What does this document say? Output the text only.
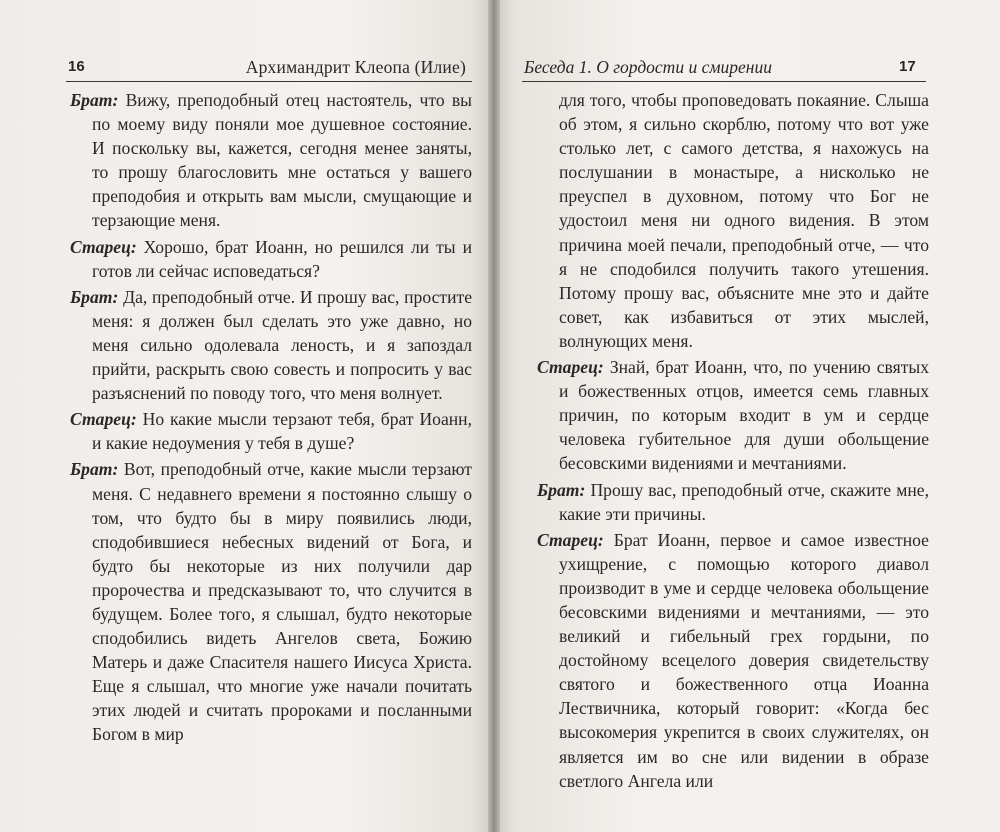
16	Архимандрит Клеопа (Илие)

Брат: Вижу, преподобный отец настоятель, что вы по моему виду поняли мое душевное состояние. И поскольку вы, кажется, сегодня менее заняты, то прошу благословить мне остаться у вашего преподобия и открыть вам мысли, смущающие и терзающие меня.

Старец: Хорошо, брат Иоанн, но решился ли ты и готов ли сейчас исповедаться?

Брат: Да, преподобный отче. И прошу вас, простите меня: я должен был сделать это уже давно, но меня сильно одолевала леность, и я запоздал прийти, раскрыть свою совесть и попросить у вас разъяснений по поводу того, что меня волнует.

Старец: Но какие мысли терзают тебя, брат Иоанн, и какие недоумения у тебя в душе?

Брат: Вот, преподобный отче, какие мысли терзают меня. С недавнего времени я постоянно слышу о том, что будто бы в миру появились люди, сподобившиеся небесных видений от Бога, и будто бы некоторые из них получили дар пророчества и предсказывают то, что случится в будущем. Более того, я слышал, будто некоторые сподобились видеть Ангелов света, Божию Матерь и даже Спасителя нашего Иисуса Христа. Еще я слышал, что многие уже начали почитать этих людей и считать пророками и посланными Богом в мир

Беседа 1. О гордости и смирении	17

для того, чтобы проповедовать покаяние. Слыша об этом, я сильно скорблю, потому что вот уже столько лет, с самого детства, я нахожусь на послушании в монастыре, а нисколько не преуспел в духовном, потому что Бог не удостоил меня ни одного видения. В этом причина моей печали, преподобный отче, — что я не сподобился получить такого утешения. Потому прошу вас, объясните мне это и дайте совет, как избавиться от этих мыслей, волнующих меня.

Старец: Знай, брат Иоанн, что, по учению святых и божественных отцов, имеется семь главных причин, по которым входит в ум и сердце человека губительное для души обольщение бесовскими видениями и мечтаниями.

Брат: Прошу вас, преподобный отче, скажите мне, какие эти причины.

Старец: Брат Иоанн, первое и самое известное ухищрение, с помощью которого диавол производит в уме и сердце человека обольщение бесовскими видениями и мечтаниями, — это великий и гибельный грех гордыни, по достойному всецелого доверия свидетельству святого и божественного отца Иоанна Лествичника, который говорит: «Когда бес высокомерия укрепится в своих служителях, он является им во сне или видении в образе светлого Ангела или
